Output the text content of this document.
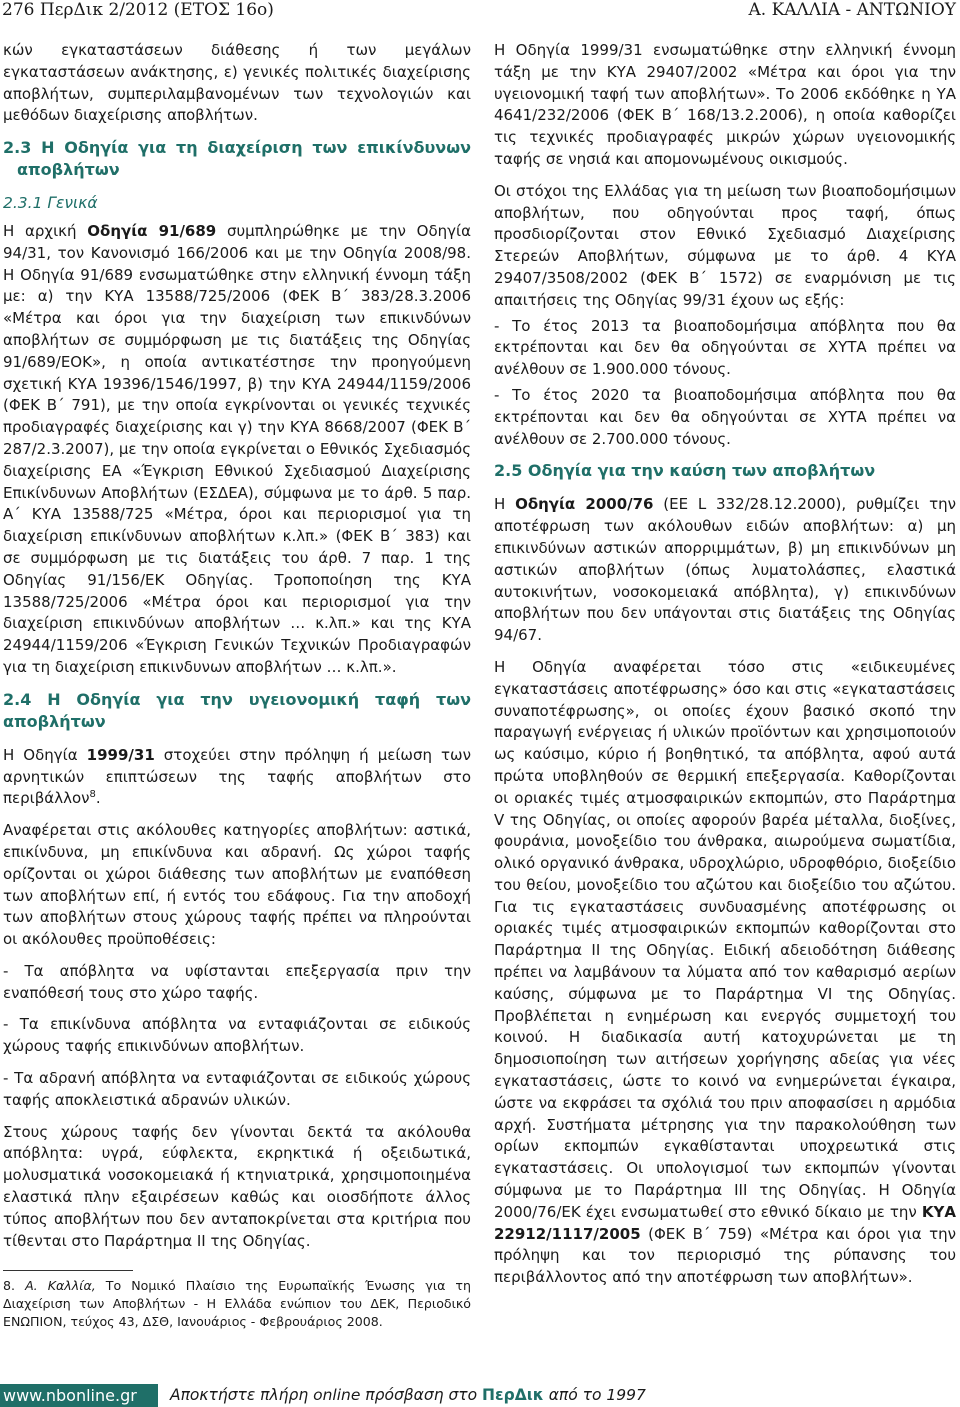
276 ΠερΔικ 2/2012 (ΕΤΟΣ 16ο)	Α. ΚΑΛΛΙΑ - ΑΝΤΩΝΙΟΥ

κών εγκαταστάσεων διάθεσης ή των μεγάλων εγκαταστάσεων ανάκτησης, ε) γενικές πολιτικές διαχείρισης αποβλήτων, συμπεριλαμβανομένων των τεχνολογιών και μεθόδων διαχείρισης αποβλήτων.

2.3 Η Οδηγία για τη διαχείριση των επικίνδυνων αποβλήτων
2.3.1 Γενικά

Η αρχική Οδηγία 91/689 συμπληρώθηκε με την Οδηγία 94/31, τον Κανονισμό 166/2006 και με την Οδηγία 2008/98. Η Οδηγία 91/689 ενσωματώθηκε στην ελληνική έννομη τάξη με: α) την ΚΥΑ 13588/725/2006 (ΦΕΚ Β΄ 383/28.3.2006 «Μέτρα και όροι για την διαχείριση των επικινδύνων αποβλήτων σε συμμόρφωση με τις διατάξεις της Οδηγίας 91/689/ΕΟΚ», η οποία αντικατέστησε την προηγούμενη σχετική ΚΥΑ 19396/1546/1997, β) την ΚΥΑ 24944/1159/2006 (ΦΕΚ Β΄ 791), με την οποία εγκρίνονται οι γενικές τεχνικές προδιαγραφές διαχείρισης και γ) την ΚΥΑ 8668/2007 (ΦΕΚ Β΄ 287/2.3.2007), με την οποία εγκρίνεται ο Εθνικός Σχεδιασμός διαχείρισης ΕΑ «Έγκριση Εθνικού Σχεδιασμού Διαχείρισης Επικίνδυνων Αποβλήτων (ΕΣΔΕΑ), σύμφωνα με το άρθ. 5 παρ. Α΄ ΚΥΑ 13588/725 «Μέτρα, όροι και περιορισμοί για τη διαχείριση επικίνδυνων αποβλήτων κ.λπ.» (ΦΕΚ Β΄ 383) και σε συμμόρφωση με τις διατάξεις του άρθ. 7 παρ. 1 της Οδηγίας 91/156/ΕΚ Οδηγίας. Τροποποίηση της ΚΥΑ 13588/725/2006 «Μέτρα όροι και περιορισμοί για την διαχείριση επικινδύνων αποβλήτων … κ.λπ.» και της ΚΥΑ 24944/1159/206 «Έγκριση Γενικών Τεχνικών Προδιαγραφών για τη διαχείριση επικινδυνων αποβλήτων … κ.λπ.».

2.4 Η Οδηγία για την υγειονομική ταφή των αποβλήτων

Η Οδηγία 1999/31 στοχεύει στην πρόληψη ή μείωση των αρνητικών επιπτώσεων της ταφής αποβλήτων στο περιβάλλον$^8$.

Αναφέρεται στις ακόλουθες κατηγορίες αποβλήτων: αστικά, επικίνδυνα, μη επικίνδυνα και αδρανή. Ως χώροι ταφής ορίζονται οι χώροι διάθεσης των αποβλήτων με εναπόθεση των αποβλήτων επί, ή εντός του εδάφους. Για την αποδοχή των αποβλήτων στους χώρους ταφής πρέπει να πληρούνται οι ακόλουθες προϋποθέσεις:

- Τα απόβλητα να υφίστανται επεξεργασία πριν την εναπόθεσή τους στο χώρο ταφής.

- Τα επικίνδυνα απόβλητα να ενταφιάζονται σε ειδικούς χώρους ταφής επικινδύνων αποβλήτων.

- Τα αδρανή απόβλητα να ενταφιάζονται σε ειδικούς χώρους ταφής αποκλειστικά αδρανών υλικών.

Στους χώρους ταφής δεν γίνονται δεκτά τα ακόλουθα απόβλητα: υγρά, εύφλεκτα, εκρηκτικά ή οξειδωτικά, μολυσματικά νοσοκομειακά ή κτηνιατρικά, χρησιμοποιημένα ελαστικά πλην εξαιρέσεων καθώς και οιοσδήποτε άλλος τύπος αποβλήτων που δεν ανταποκρίνεται στα κριτήρια που τίθενται στο Παράρτημα ΙΙ της Οδηγίας.

8. Α. Καλλία, Το Νομικό Πλαίσιο της Ευρωπαϊκής Ένωσης για τη Διαχείριση των Αποβλήτων - Η Ελλάδα ενώπιον του ΔΕΚ, Περιοδικό ΕΝΩΠΙΟΝ, τεύχος 43, ΔΣΘ, Ιανουάριος - Φεβρουάριος 2008.

Η Οδηγία 1999/31 ενσωματώθηκε στην ελληνική έννομη τάξη με την ΚΥΑ 29407/2002 «Μέτρα και όροι για την υγειονομική ταφή των αποβλήτων». Το 2006 εκδόθηκε η ΥΑ 4641/232/2006 (ΦΕΚ Β΄ 168/13.2.2006), η οποία καθορίζει τις τεχνικές προδιαγραφές μικρών χώρων υγειονομικής ταφής σε νησιά και απομονωμένους οικισμούς.

Οι στόχοι της Ελλάδας για τη μείωση των βιοαποδομήσιμων αποβλήτων, που οδηγούνται προς ταφή, όπως προσδιορίζονται στον Εθνικό Σχεδιασμό Διαχείρισης Στερεών Αποβλήτων, σύμφωνα με το άρθ. 4 ΚΥΑ 29407/3508/2002 (ΦΕΚ Β΄ 1572) σε εναρμόνιση με τις απαιτήσεις της Οδηγίας 99/31 έχουν ως εξής:

- Το έτος 2013 τα βιοαποδομήσιμα απόβλητα που θα εκτρέπονται και δεν θα οδηγούνται σε ΧΥΤΑ πρέπει να ανέλθουν σε 1.900.000 τόνους.

- Το έτος 2020 τα βιοαποδομήσιμα απόβλητα που θα εκτρέπονται και δεν θα οδηγούνται σε ΧΥΤΑ πρέπει να ανέλθουν σε 2.700.000 τόνους.

2.5 Οδηγία για την καύση των αποβλήτων

Η Οδηγία 2000/76 (ΕΕ L 332/28.12.2000), ρυθμίζει την αποτέφρωση των ακόλουθων ειδών αποβλήτων: α) μη επικινδύνων αστικών απορριμμάτων, β) μη επικινδύνων μη αστικών αποβλήτων (όπως λυματολάσπες, ελαστικά αυτοκινήτων, νοσοκομειακά απόβλητα), γ) επικινδύνων αποβλήτων που δεν υπάγονται στις διατάξεις της Οδηγίας 94/67.

Η Οδηγία αναφέρεται τόσο στις «ειδικευμένες εγκαταστάσεις αποτέφρωσης» όσο και στις «εγκαταστάσεις συναποτέφρωσης», οι οποίες έχουν βασικό σκοπό την παραγωγή ενέργειας ή υλικών προϊόντων και χρησιμοποιούν ως καύσιμο, κύριο ή βοηθητικό, τα απόβλητα, αφού αυτά πρώτα υποβληθούν σε θερμική επεξεργασία. Καθορίζονται οι οριακές τιμές ατμοσφαιρικών εκπομπών, στο Παράρτημα V της Οδηγίας, οι οποίες αφορούν βαρέα μέταλλα, διοξίνες, φουράνια, μονοξείδιο του άνθρακα, αιωρούμενα σωματίδια, ολικό οργανικό άνθρακα, υδροχλώριο, υδροφθόριο, διοξείδιο του θείου, μονοξείδιο του αζώτου και διοξείδιο του αζώτου. Για τις εγκαταστάσεις συνδυασμένης αποτέφρωσης οι οριακές τιμές ατμοσφαιρικών εκπομπών καθορίζονται στο Παράρτημα ΙΙ της Οδηγίας. Ειδική αδειοδότηση διάθεσης πρέπει να λαμβάνουν τα λύματα από τον καθαρισμό αερίων καύσης, σύμφωνα με το Παράρτημα VI της Οδηγίας. Προβλέπεται η ενημέρωση και ενεργός συμμετοχή του κοινού. Η διαδικασία αυτή κατοχυρώνεται με τη δημοσιοποίηση των αιτήσεων χορήγησης αδείας για νέες εγκαταστάσεις, ώστε το κοινό να ενημερώνεται έγκαιρα, ώστε να εκφράσει τα σχόλιά του πριν αποφασίσει η αρμόδια αρχή. Συστήματα μέτρησης για την παρακολούθηση των ορίων εκπομπών εγκαθίστανται υποχρεωτικά στις εγκαταστάσεις. Οι υπολογισμοί των εκπομπών γίνονται σύμφωνα με το Παράρτημα ΙΙΙ της Οδηγίας. Η Οδηγία 2000/76/ΕΚ έχει ενσωματωθεί στο εθνικό δίκαιο με την ΚΥΑ 22912/1117/2005 (ΦΕΚ Β΄ 759) «Μέτρα και όροι για την πρόληψη και τον περιορισμό της ρύπανσης του περιβάλλοντος από την αποτέφρωση των αποβλήτων».

www.nbonline.gr	Αποκτήστε πλήρη online πρόσβαση στο ΠερΔικ από το 1997
